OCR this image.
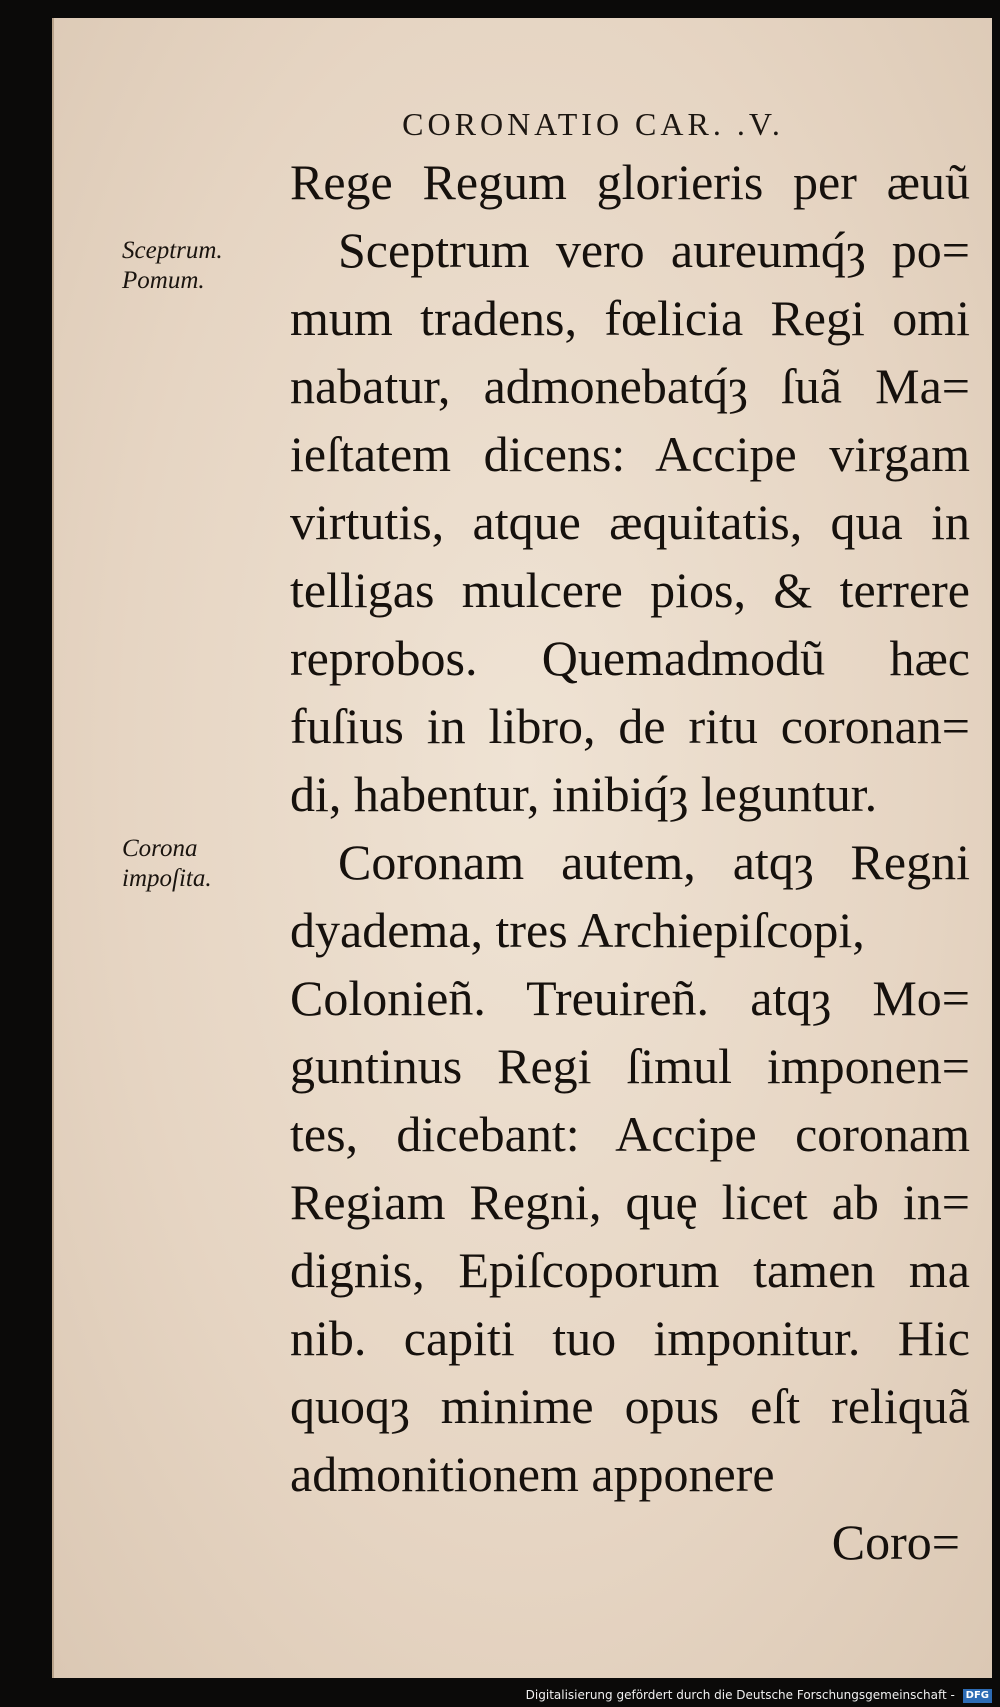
CORONATIO CAR. .V.
Sceptrum.
Pomum.
Corona
impoſita.
Rege Regum glorieris per æuũ
Sceptrum vero aureumq́ȝ po=
mum tradens, fœlicia Regi omi
nabatur, admonebatq́ȝ ſuã Ma=
ieſtatem dicens: Accipe virgam
virtutis, atque æquitatis, qua in
telligas mulcere pios, & terrere
reprobos. Quemadmodũ hæc
fuſius in libro, de ritu coronan=
di, habentur, inibiq́ȝ leguntur.
Coronam autem, atqȝ Regni
dyadema, tres Archiepiſcopi,
Colonieñ. Treuireñ. atqȝ Mo=
guntinus Regi ſimul imponen=
tes, dicebant: Accipe coronam
Regiam Regni, quę licet ab in=
dignis, Epiſcoporum tamen ma
nib. capiti tuo imponitur. Hic
quoqȝ minime opus eſt reliquã
admonitionem apponere
Coro=
Digitalisierung gefördert durch die Deutsche Forschungsgemeinschaft - DFG
